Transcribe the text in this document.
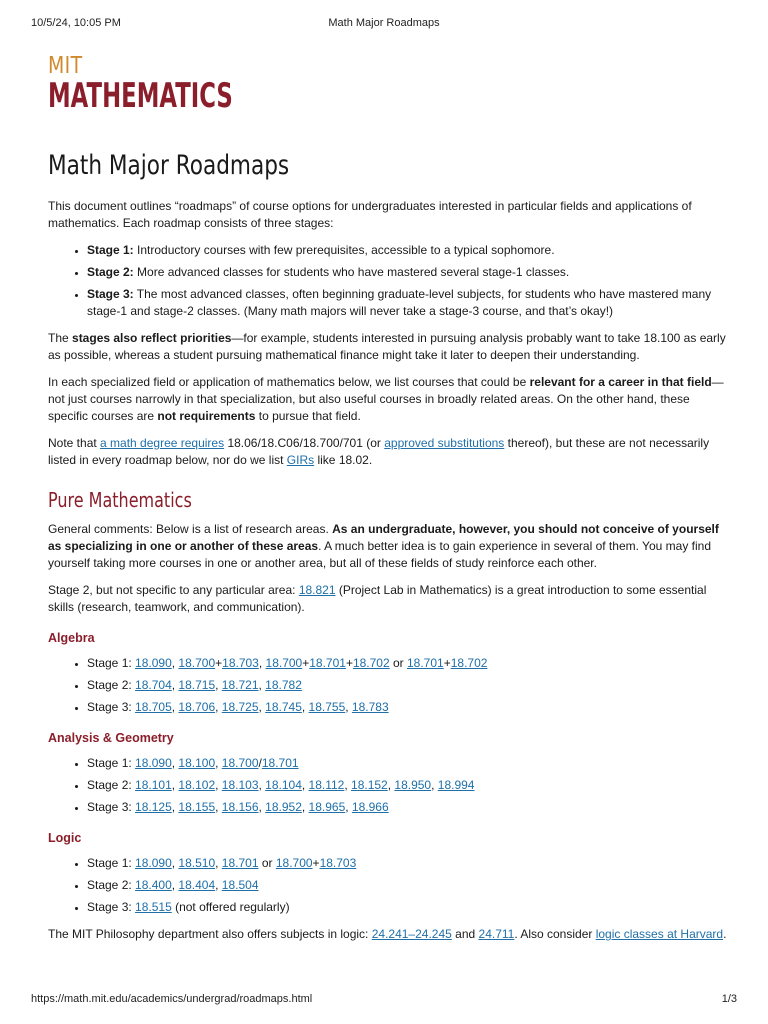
10/5/24, 10:05 PM	Math Major Roadmaps
MIT
MATHEMATICS
Math Major Roadmaps

This document outlines “roadmaps” of course options for undergraduates interested in particular fields and applications of mathematics. Each roadmap consists of three stages:

• Stage 1: Introductory courses with few prerequisites, accessible to a typical sophomore.
• Stage 2: More advanced classes for students who have mastered several stage-1 classes.
• Stage 3: The most advanced classes, often beginning graduate-level subjects, for students who have mastered many stage-1 and stage-2 classes. (Many math majors will never take a stage-3 course, and that’s okay!)

The stages also reflect priorities—for example, students interested in pursuing analysis probably want to take 18.100 as early as possible, whereas a student pursuing mathematical finance might take it later to deepen their understanding.

In each specialized field or application of mathematics below, we list courses that could be relevant for a career in that field—not just courses narrowly in that specialization, but also useful courses in broadly related areas. On the other hand, these specific courses are not requirements to pursue that field.

Note that a math degree requires 18.06/18.C06/18.700/701 (or approved substitutions thereof), but these are not necessarily listed in every roadmap below, nor do we list GIRs like 18.02.

Pure Mathematics

General comments: Below is a list of research areas. As an undergraduate, however, you should not conceive of yourself as specializing in one or another of these areas. A much better idea is to gain experience in several of them. You may find yourself taking more courses in one or another area, but all of these fields of study reinforce each other.

Stage 2, but not specific to any particular area: 18.821 (Project Lab in Mathematics) is a great introduction to some essential skills (research, teamwork, and communication).

Algebra
• Stage 1: 18.090, 18.700+18.703, 18.700+18.701+18.702 or 18.701+18.702
• Stage 2: 18.704, 18.715, 18.721, 18.782
• Stage 3: 18.705, 18.706, 18.725, 18.745, 18.755, 18.783
Analysis & Geometry
• Stage 1: 18.090, 18.100, 18.700/18.701
• Stage 2: 18.101, 18.102, 18.103, 18.104, 18.112, 18.152, 18.950, 18.994
• Stage 3: 18.125, 18.155, 18.156, 18.952, 18.965, 18.966
Logic
• Stage 1: 18.090, 18.510, 18.701 or 18.700+18.703
• Stage 2: 18.400, 18.404, 18.504
• Stage 3: 18.515 (not offered regularly)

The MIT Philosophy department also offers subjects in logic: 24.241–24.245 and 24.711. Also consider logic classes at Harvard.

https://math.mit.edu/academics/undergrad/roadmaps.html	1/3
